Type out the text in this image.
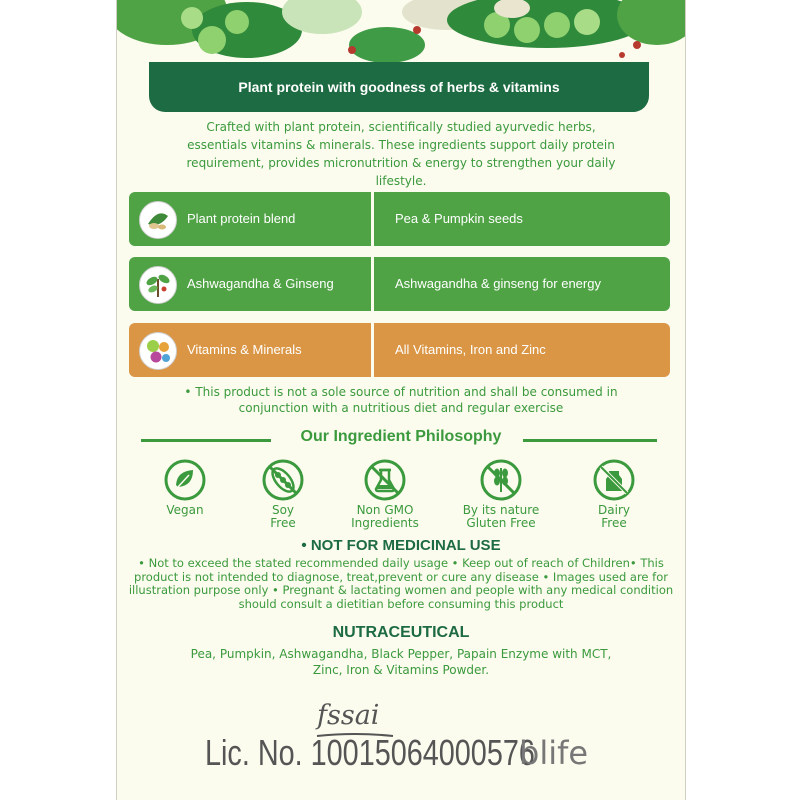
Plant protein with goodness of herbs & vitamins
Crafted with plant protein, scientifically studied ayurvedic herbs, essentials vitamins & minerals. These ingredients support daily protein requirement, provides micronutrition & energy to strengthen your daily lifestyle.
Plant protein blend	Pea & Pumpkin seeds
Ashwagandha & Ginseng	Ashwagandha & ginseng for energy
Vitamins & Minerals	All Vitamins, Iron and Zinc
• This product is not a sole source of nutrition and shall be consumed in conjunction with a nutritious diet and regular exercise
Our Ingredient Philosophy
Vegan	Soy
Free
Non GMO
Ingredients
By its nature
Gluten Free
Dairy
Free
• NOT FOR MEDICINAL USE
• Not to exceed the stated recommended daily usage • Keep out of reach of Children• This product is not intended to diagnose, treat,prevent or cure any disease • Images used are for illustration purpose only • Pregnant & lactating women and people with any medical condition should consult a dietitian before consuming this product
NUTRACEUTICAL
Pea, Pumpkin, Ashwagandha, Black Pepper, Papain Enzyme with MCT, Zinc, Iron & Vitamins Powder.
fssai
Lic. No. 10015064000576
blife
